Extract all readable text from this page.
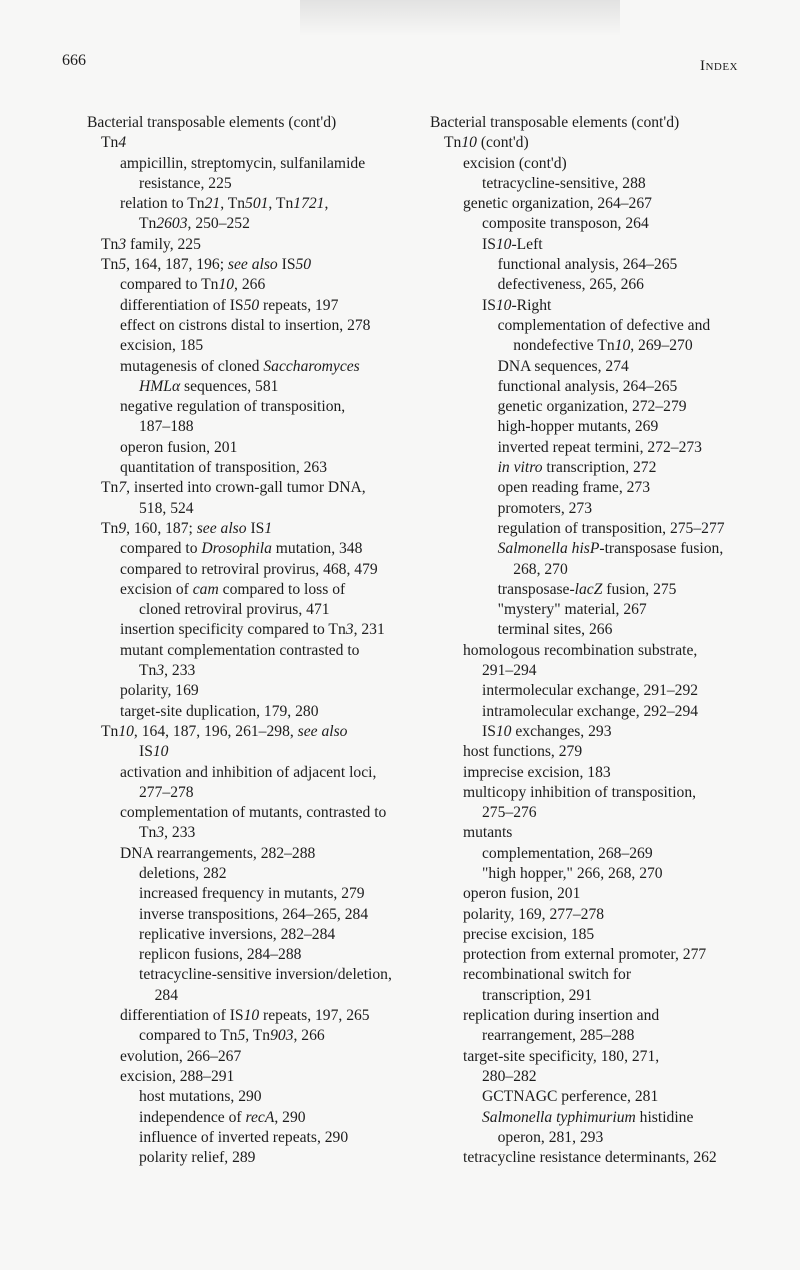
666	Index
Bacterial transposable elements (cont'd)
Tn4
ampicillin, streptomycin, sulfanilamide
resistance, 225
relation to Tn21, Tn501, Tn1721,
Tn2603, 250–252
Tn3 family, 225
Tn5, 164, 187, 196; see also IS50
compared to Tn10, 266
differentiation of IS50 repeats, 197
effect on cistrons distal to insertion, 278
excision, 185
mutagenesis of cloned Saccharomyces
HMLα sequences, 581
negative regulation of transposition,
187–188
operon fusion, 201
quantitation of transposition, 263
Tn7, inserted into crown-gall tumor DNA,
518, 524
Tn9, 160, 187; see also IS1
compared to Drosophila mutation, 348
compared to retroviral provirus, 468, 479
excision of cam compared to loss of
cloned retroviral provirus, 471
insertion specificity compared to Tn3, 231
mutant complementation contrasted to
Tn3, 233
polarity, 169
target-site duplication, 179, 280
Tn10, 164, 187, 196, 261–298, see also
IS10
activation and inhibition of adjacent loci,
277–278
complementation of mutants, contrasted to
Tn3, 233
DNA rearrangements, 282–288
deletions, 282
increased frequency in mutants, 279
inverse transpositions, 264–265, 284
replicative inversions, 282–284
replicon fusions, 284–288
tetracycline-sensitive inversion/deletion,
 284
differentiation of IS10 repeats, 197, 265
compared to Tn5, Tn903, 266
evolution, 266–267
excision, 288–291
host mutations, 290
independence of recA, 290
influence of inverted repeats, 290
polarity relief, 289
Bacterial transposable elements (cont'd)
Tn10 (cont'd)
excision (cont'd)
tetracycline-sensitive, 288
genetic organization, 264–267
composite transposon, 264
IS10-Left
 functional analysis, 264–265
 defectiveness, 265, 266
IS10-Right
 complementation of defective and
  nondefective Tn10, 269–270
 DNA sequences, 274
 functional analysis, 264–265
 genetic organization, 272–279
 high-hopper mutants, 269
 inverted repeat termini, 272–273
 in vitro transcription, 272
 open reading frame, 273
 promoters, 273
 regulation of transposition, 275–277
 Salmonella hisP-transposase fusion,
  268, 270
 transposase-lacZ fusion, 275
 "mystery" material, 267
 terminal sites, 266
homologous recombination substrate,
291–294
intermolecular exchange, 291–292
intramolecular exchange, 292–294
IS10 exchanges, 293
host functions, 279
imprecise excision, 183
multicopy inhibition of transposition,
275–276
mutants
complementation, 268–269
"high hopper," 266, 268, 270
operon fusion, 201
polarity, 169, 277–278
precise excision, 185
protection from external promoter, 277
recombinational switch for
transcription, 291
replication during insertion and
rearrangement, 285–288
target-site specificity, 180, 271,
280–282
GCTNAGC perference, 281
Salmonella typhimurium histidine
 operon, 281, 293
tetracycline resistance determinants, 262
